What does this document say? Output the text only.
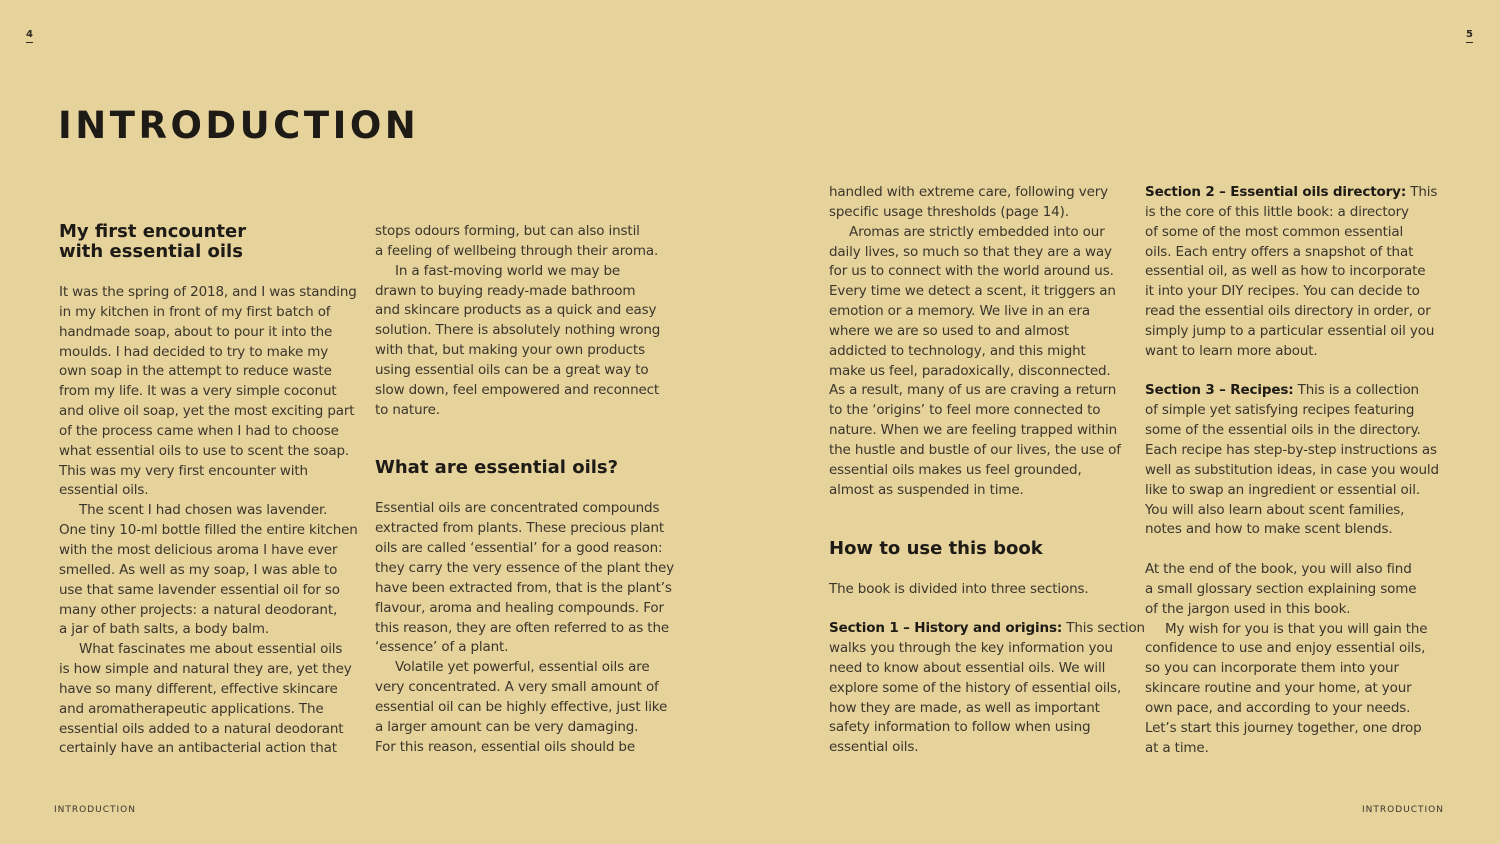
4	5
INTRODUCTION
My first encounter
with essential oils

It was the spring of 2018, and I was standing

in my kitchen in front of my first batch of

handmade soap, about to pour it into the

moulds. I had decided to try to make my

own soap in the attempt to reduce waste

from my life. It was a very simple coconut

and olive oil soap, yet the most exciting part

of the process came when I had to choose

what essential oils to use to scent the soap.

This was my very first encounter with

essential oils.

The scent I had chosen was lavender.

One tiny 10-ml bottle filled the entire kitchen

with the most delicious aroma I have ever

smelled. As well as my soap, I was able to

use that same lavender essential oil for so

many other projects: a natural deodorant,

a jar of bath salts, a body balm.

What fascinates me about essential oils

is how simple and natural they are, yet they

have so many different, effective skincare

and aromatherapeutic applications. The

essential oils added to a natural deodorant

certainly have an antibacterial action that

stops odours forming, but can also instil

a feeling of wellbeing through their aroma.

In a fast-moving world we may be

drawn to buying ready-made bathroom

and skincare products as a quick and easy

solution. There is absolutely nothing wrong

with that, but making your own products

using essential oils can be a great way to

slow down, feel empowered and reconnect

to nature.

What are essential oils?

Essential oils are concentrated compounds

extracted from plants. These precious plant

oils are called ‘essential’ for a good reason:

they carry the very essence of the plant they

have been extracted from, that is the plant’s

flavour, aroma and healing compounds. For

this reason, they are often referred to as the

‘essence’ of a plant.

Volatile yet powerful, essential oils are

very concentrated. A very small amount of

essential oil can be highly effective, just like

a larger amount can be very damaging.

For this reason, essential oils should be

handled with extreme care, following very

specific usage thresholds (page 14).

Aromas are strictly embedded into our

daily lives, so much so that they are a way

for us to connect with the world around us.

Every time we detect a scent, it triggers an

emotion or a memory. We live in an era

where we are so used to and almost

addicted to technology, and this might

make us feel, paradoxically, disconnected.

As a result, many of us are craving a return

to the ‘origins’ to feel more connected to

nature. When we are feeling trapped within

the hustle and bustle of our lives, the use of

essential oils makes us feel grounded,

almost as suspended in time.

How to use this book

The book is divided into three sections.

Section 1 – History and origins: This section

walks you through the key information you

need to know about essential oils. We will

explore some of the history of essential oils,

how they are made, as well as important

safety information to follow when using

essential oils.

Section 2 – Essential oils directory: This

is the core of this little book: a directory

of some of the most common essential

oils. Each entry offers a snapshot of that

essential oil, as well as how to incorporate

it into your DIY recipes. You can decide to

read the essential oils directory in order, or

simply jump to a particular essential oil you

want to learn more about.

Section 3 – Recipes: This is a collection

of simple yet satisfying recipes featuring

some of the essential oils in the directory.

Each recipe has step-by-step instructions as

well as substitution ideas, in case you would

like to swap an ingredient or essential oil.

You will also learn about scent families,

notes and how to make scent blends.

At the end of the book, you will also find

a small glossary section explaining some

of the jargon used in this book.

My wish for you is that you will gain the

confidence to use and enjoy essential oils,

so you can incorporate them into your

skincare routine and your home, at your

own pace, and according to your needs.

Let’s start this journey together, one drop

at a time.

INTRODUCTION	INTRODUCTION
